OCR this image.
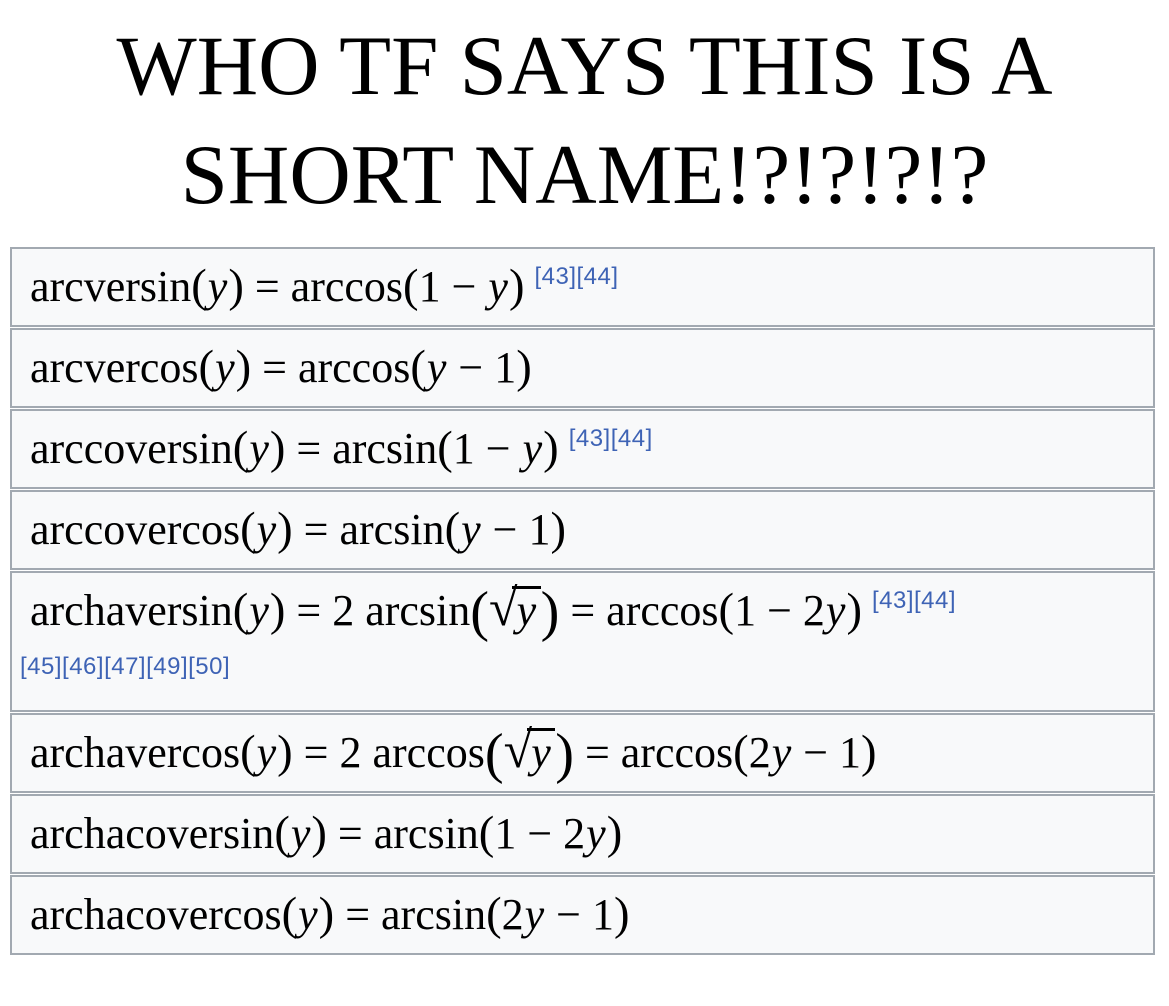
WHO TF SAYS THIS IS A
SHORT NAME!?!?!?!?
arcversin(y) = arccos(1 − y) [43][44]
arcvercos(y) = arccos(y − 1)
arccoversin(y) = arcsin(1 − y) [43][44]
arccovercos(y) = arcsin(y − 1)
archaversin(y) = 2 arcsin(√y) = arccos(1 − 2y) [43][44]
[45][46][47][49][50]

archavercos(y) = 2 arccos(√y) = arccos(2y − 1)
archacoversin(y) = arcsin(1 − 2y)
archacovercos(y) = arcsin(2y − 1)
